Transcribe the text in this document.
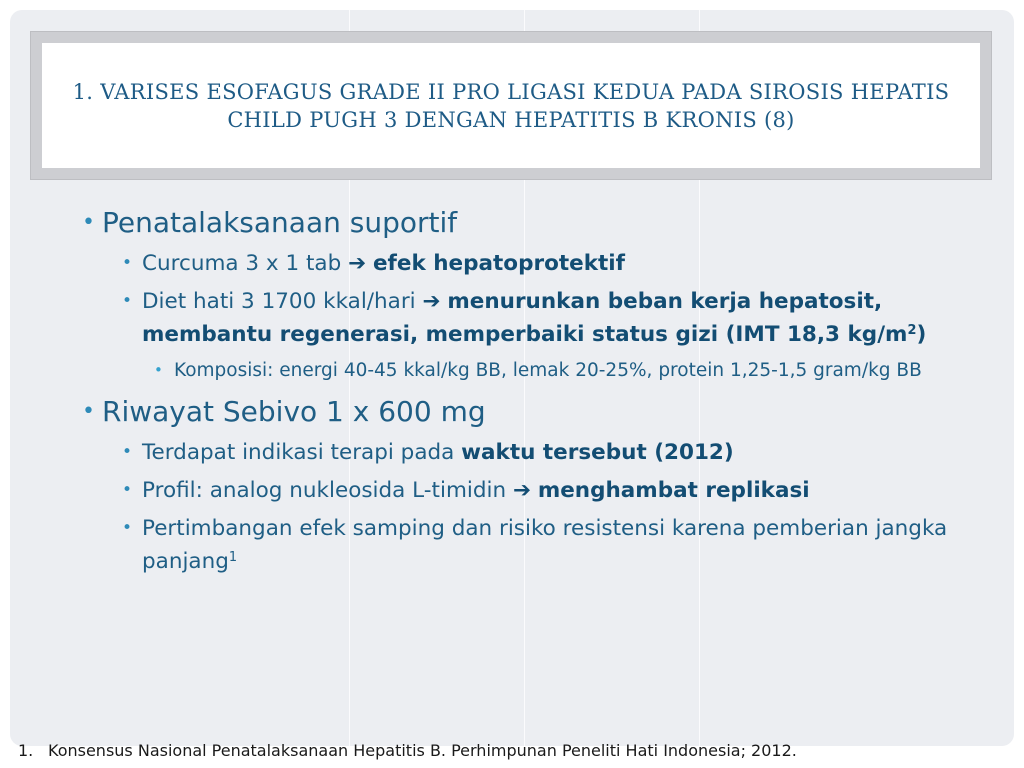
1. VARISES ESOFAGUS GRADE II PRO LIGASI KEDUA PADA SIROSIS HEPATIS CHILD PUGH 3 DENGAN HEPATITIS B KRONIS (8)

• Penatalaksanaan suportif
• Curcuma 3 x 1 tab ➔ efek hepatoprotektif
• Diet hati 3 1700 kkal/hari ➔ menurunkan beban kerja hepatosit, membantu regenerasi, memperbaiki status gizi (IMT 18,3 $kg/m^2$)
• Komposisi: energi 40-45 kkal/kg BB, lemak 20-25%, protein 1,25-1,5 gram/kg BB
• Riwayat Sebivo 1 x 600 mg
• Terdapat indikasi terapi pada waktu tersebut (2012)
• Profil: analog nukleosida L-timidin ➔ menghambat replikasi
• Pertimbangan efek samping dan risiko resistensi karena pemberian jangka panjang$^1$
1. Konsensus Nasional Penatalaksanaan Hepatitis B. Perhimpunan Peneliti Hati Indonesia; 2012.
